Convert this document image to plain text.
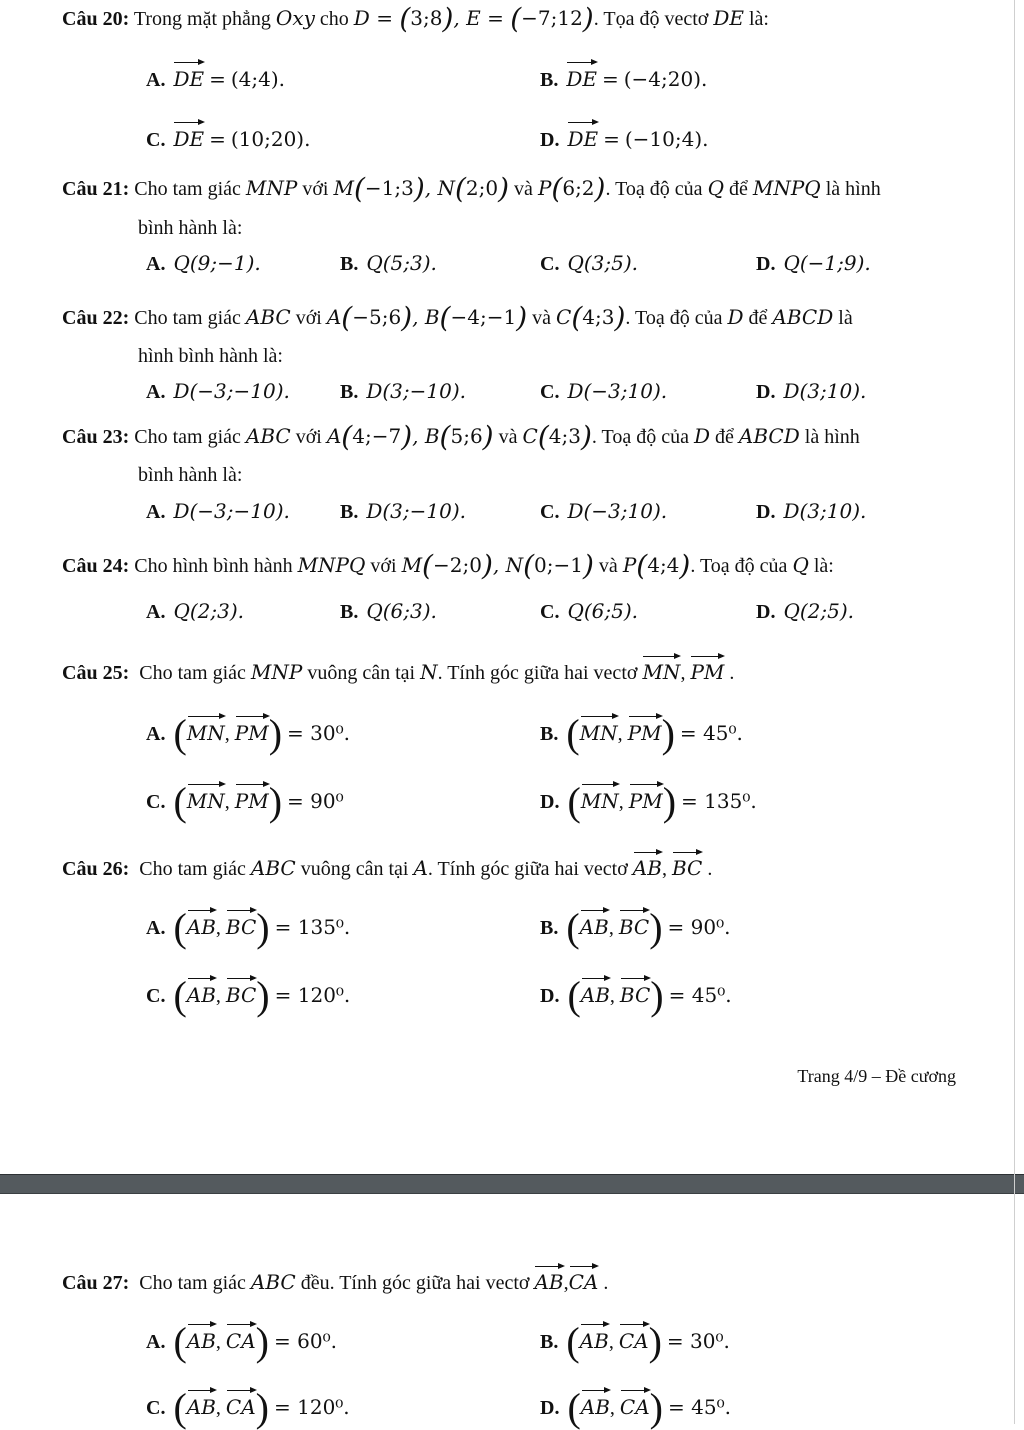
Câu 20: Trong mặt phẳng Oxy cho D = (3;8), E = (−7;12). Tọa độ vectơ DE là:
A. DE = (4;4).	B. DE = (−4;20).
C. DE = (10;20).	D. DE = (−10;4).
Câu 21: Cho tam giác MNP với M(−1;3), N(2;0) và P(6;2). Toạ độ của Q để MNPQ là hình
bình hành là:
A. Q(9;−1).	B. Q(5;3).	C. Q(3;5).	D. Q(−1;9).
Câu 22: Cho tam giác ABC với A(−5;6), B(−4;−1) và C(4;3). Toạ độ của D để ABCD là
hình bình hành là:
A. D(−3;−10).	B. D(3;−10).	C. D(−3;10).	D. D(3;10).
Câu 23: Cho tam giác ABC với A(4;−7), B(5;6) và C(4;3). Toạ độ của D để ABCD là hình
bình hành là:
A. D(−3;−10).	B. D(3;−10).	C. D(−3;10).	D. D(3;10).
Câu 24: Cho hình bình hành MNPQ với M(−2;0), N(0;−1) và P(4;4). Toạ độ của Q là:
A. Q(2;3).	B. Q(6;3).	C. Q(6;5).	D. Q(2;5).
Câu 25: Cho tam giác MNP vuông cân tại N. Tính góc giữa hai vectơ MN, PM .
A. (MN, PM) = 30⁰.	B. (MN, PM) = 45⁰.
C. (MN, PM) = 90⁰	D. (MN, PM) = 135⁰.
Câu 26: Cho tam giác ABC vuông cân tại A. Tính góc giữa hai vectơ AB, BC .
A. (AB, BC) = 135⁰.	B. (AB, BC) = 90⁰.
C. (AB, BC) = 120⁰.	D. (AB, BC) = 45⁰.
Trang 4/9 – Đề cương
Câu 27: Cho tam giác ABC đều. Tính góc giữa hai vectơ AB,CA .
A. (AB, CA) = 60⁰.	B. (AB, CA) = 30⁰.
C. (AB, CA) = 120⁰.	D. (AB, CA) = 45⁰.
